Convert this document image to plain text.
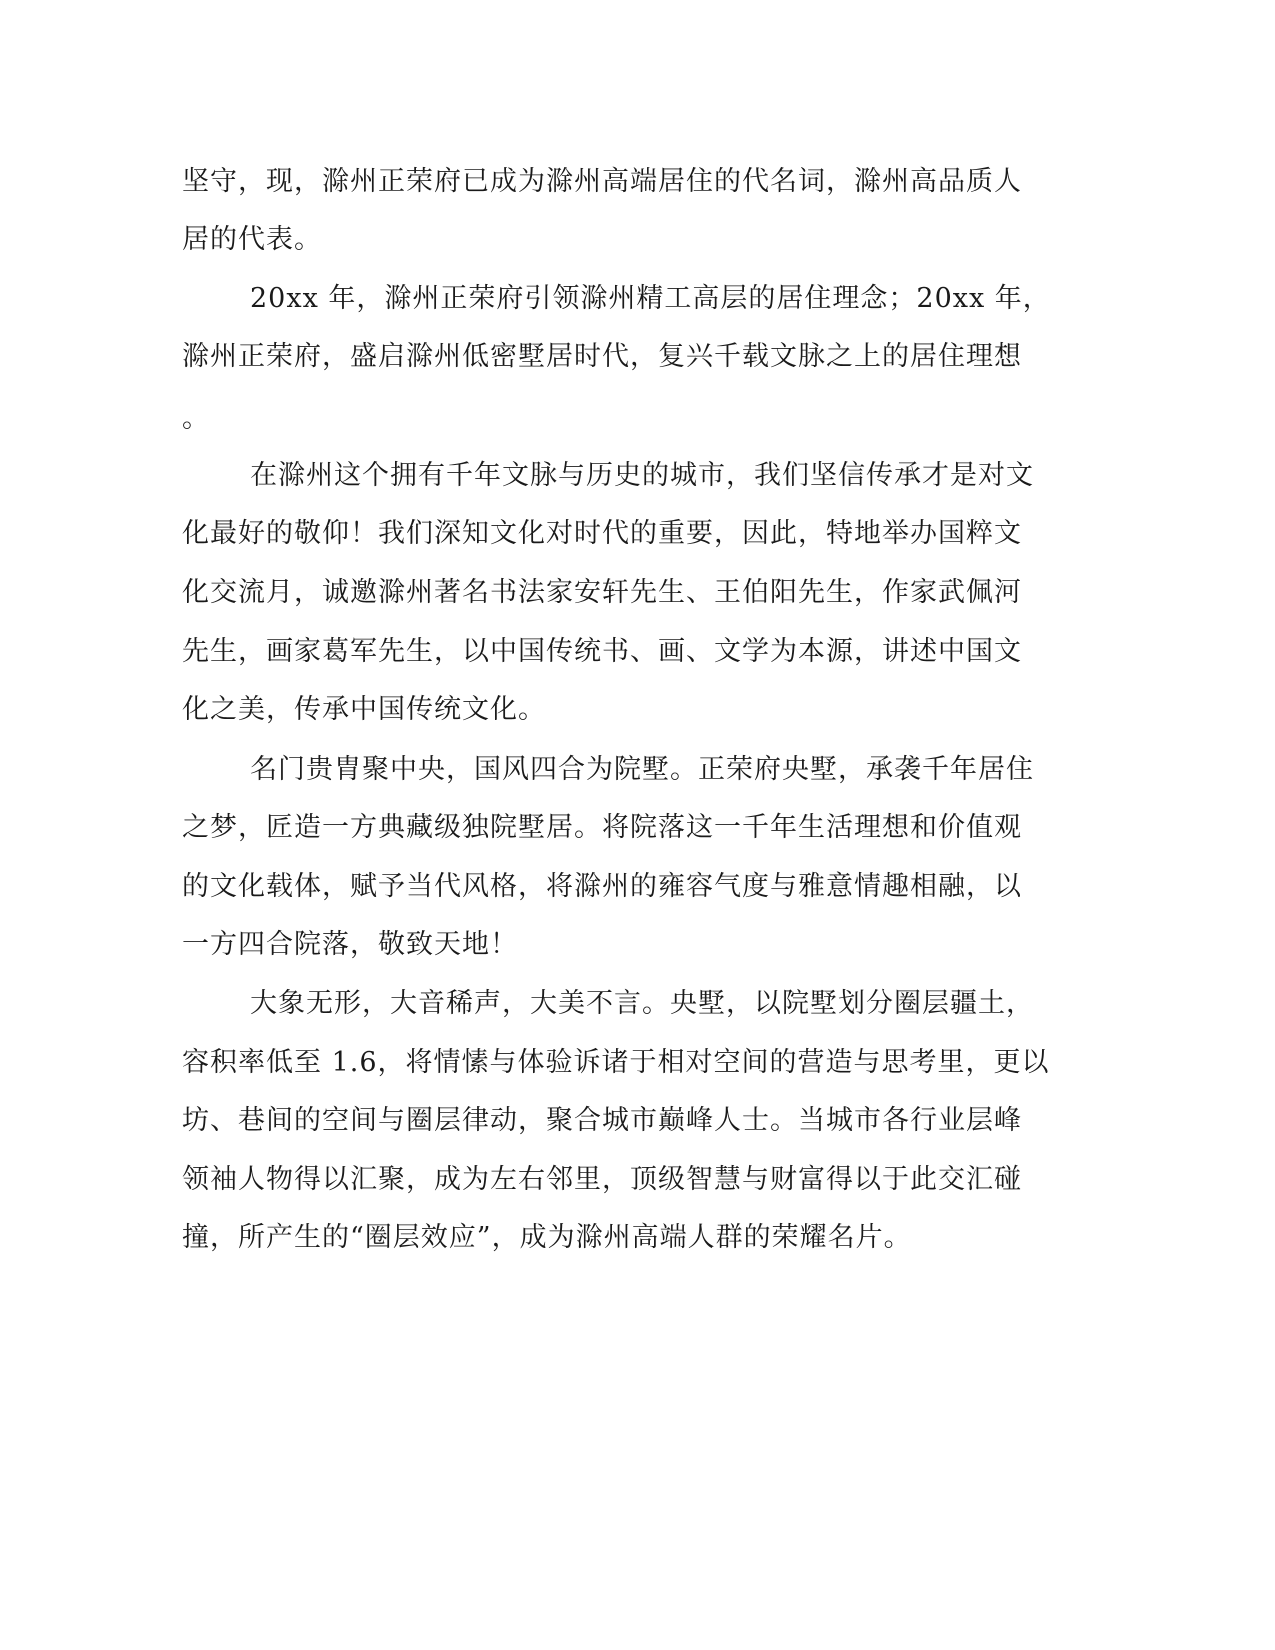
坚守，现，滁州正荣府已成为滁州高端居住的代名词，滁州高品质人
居的代表。
20xx 年，滁州正荣府引领滁州精工高层的居住理念；20xx 年，
滁州正荣府，盛启滁州低密墅居时代，复兴千载文脉之上的居住理想
。
在滁州这个拥有千年文脉与历史的城市，我们坚信传承才是对文
化最好的敬仰！我们深知文化对时代的重要，因此，特地举办国粹文
化交流月，诚邀滁州著名书法家安轩先生、王伯阳先生，作家武佩河
先生，画家葛军先生，以中国传统书、画、文学为本源，讲述中国文
化之美，传承中国传统文化。
名门贵胄聚中央，国风四合为院墅。正荣府央墅，承袭千年居住
之梦，匠造一方典藏级独院墅居。将院落这一千年生活理想和价值观
的文化载体，赋予当代风格，将滁州的雍容气度与雅意情趣相融，以
一方四合院落，敬致天地！
大象无形，大音稀声，大美不言。央墅，以院墅划分圈层疆土，
容积率低至 1.6，将情愫与体验诉诸于相对空间的营造与思考里，更以
坊、巷间的空间与圈层律动，聚合城市巅峰人士。当城市各行业层峰
领袖人物得以汇聚，成为左右邻里，顶级智慧与财富得以于此交汇碰
撞，所产生的“圈层效应”，成为滁州高端人群的荣耀名片。
